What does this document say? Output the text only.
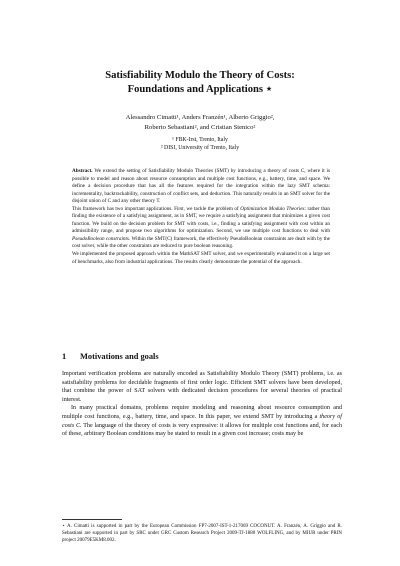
Satisfiability Modulo the Theory of Costs:
Foundations and Applications ⋆
Alessandro Cimatti¹, Anders Franzén¹, Alberto Griggio²,
Roberto Sebastiani², and Cristian Stenico²
¹ FBK-Irst, Trento, Italy
² DISI, University of Trento, Italy

Abstract. We extend the setting of Satisfiability Modulo Theories (SMT) by introducing a theory of costs C, where it is possible to model and reason about resource consumption and multiple cost functions, e.g., battery, time, and space. We define a decision procedure that has all the features required for the integration within the lazy SMT schema: incrementality, backtrackability, construction of conflict sets, and deduction. This naturally results in an SMT solver for the disjoint union of C and any other theory T.

This framework has two important applications. First, we tackle the problem of Optimization Modulo Theories: rather than finding the existence of a satisfying assignment, as in SMT, we require a satisfying assignment that minimizes a given cost function. We build on the decision problem for SMT with costs, i.e., finding a satisfying assignment with cost within an admissibility range, and propose two algorithms for optimization. Second, we use multiple cost functions to deal with PseudoBoolean constraints. Within the SMT(C) framework, the effectively PseudoBoolean constraints are dealt with by the cost solver, while the other constraints are reduced to pure boolean reasoning.

We implemented the proposed approach within the MathSAT SMT solver, and we experimentally evaluated it on a large set of benchmarks, also from industrial applications. The results clearly demonstrate the potential of the approach.

1 Motivations and goals

Important verification problems are naturally encoded as Satisfiability Modulo Theory (SMT) problems, i.e. as satisfiability problems for decidable fragments of first order logic. Efficient SMT solvers have been developed, that combine the power of SAT solvers with dedicated decision procedures for several theories of practical interest.

In many practical domains, problems require modeling and reasoning about resource consumption and multiple cost functions, e.g., battery, time, and space. In this paper, we extend SMT by introducing a theory of costs C. The language of the theory of costs is very expressive: it allows for multiple cost functions and, for each of these, arbitrary Boolean conditions may be stated to result in a given cost increase; costs may be

⋆ A. Cimatti is supported in part by the European Commission FP7-2007-IST-1-217069 COCONUT. A. Franzén, A. Griggio and R. Sebastiani are supported in part by SRC under GRC Custom Research Project 2009-TJ-1880 WOLFLING, and by MIUR under PRIN project 20079E5KM8.002.
